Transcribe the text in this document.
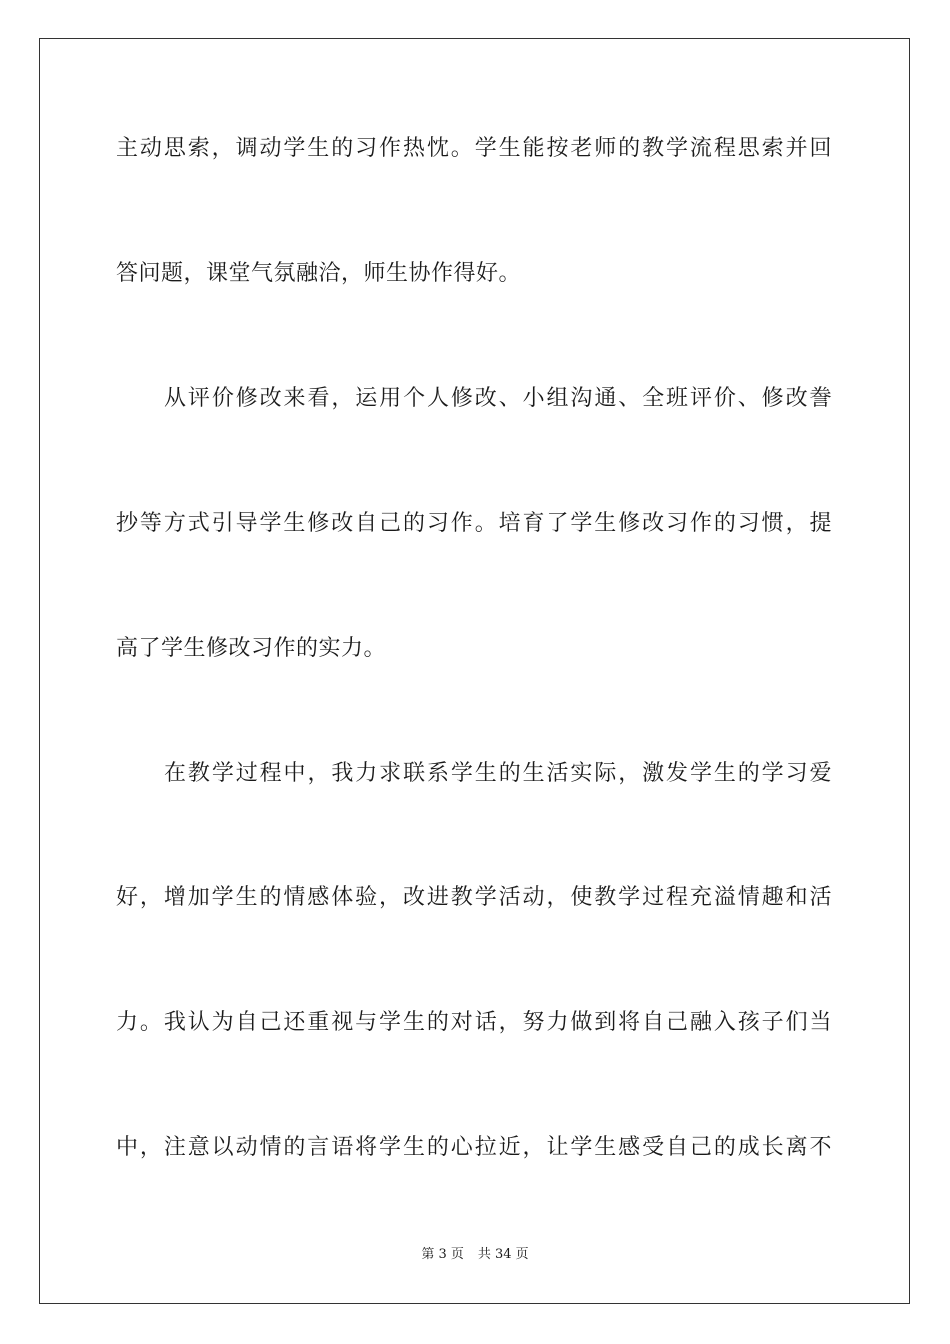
主动思索，调动学生的习作热忱。学生能按老师的教学流程思索并回
答问题，课堂气氛融洽，师生协作得好。
从评价修改来看，运用个人修改、小组沟通、全班评价、修改誊
抄等方式引导学生修改自己的习作。培育了学生修改习作的习惯，提
高了学生修改习作的实力。
在教学过程中，我力求联系学生的生活实际，激发学生的学习爱
好，增加学生的情感体验，改进教学活动，使教学过程充溢情趣和活
力。我认为自己还重视与学生的对话，努力做到将自己融入孩子们当
中，注意以动情的言语将学生的心拉近，让学生感受自己的成长离不
第 3 页 共 34 页
